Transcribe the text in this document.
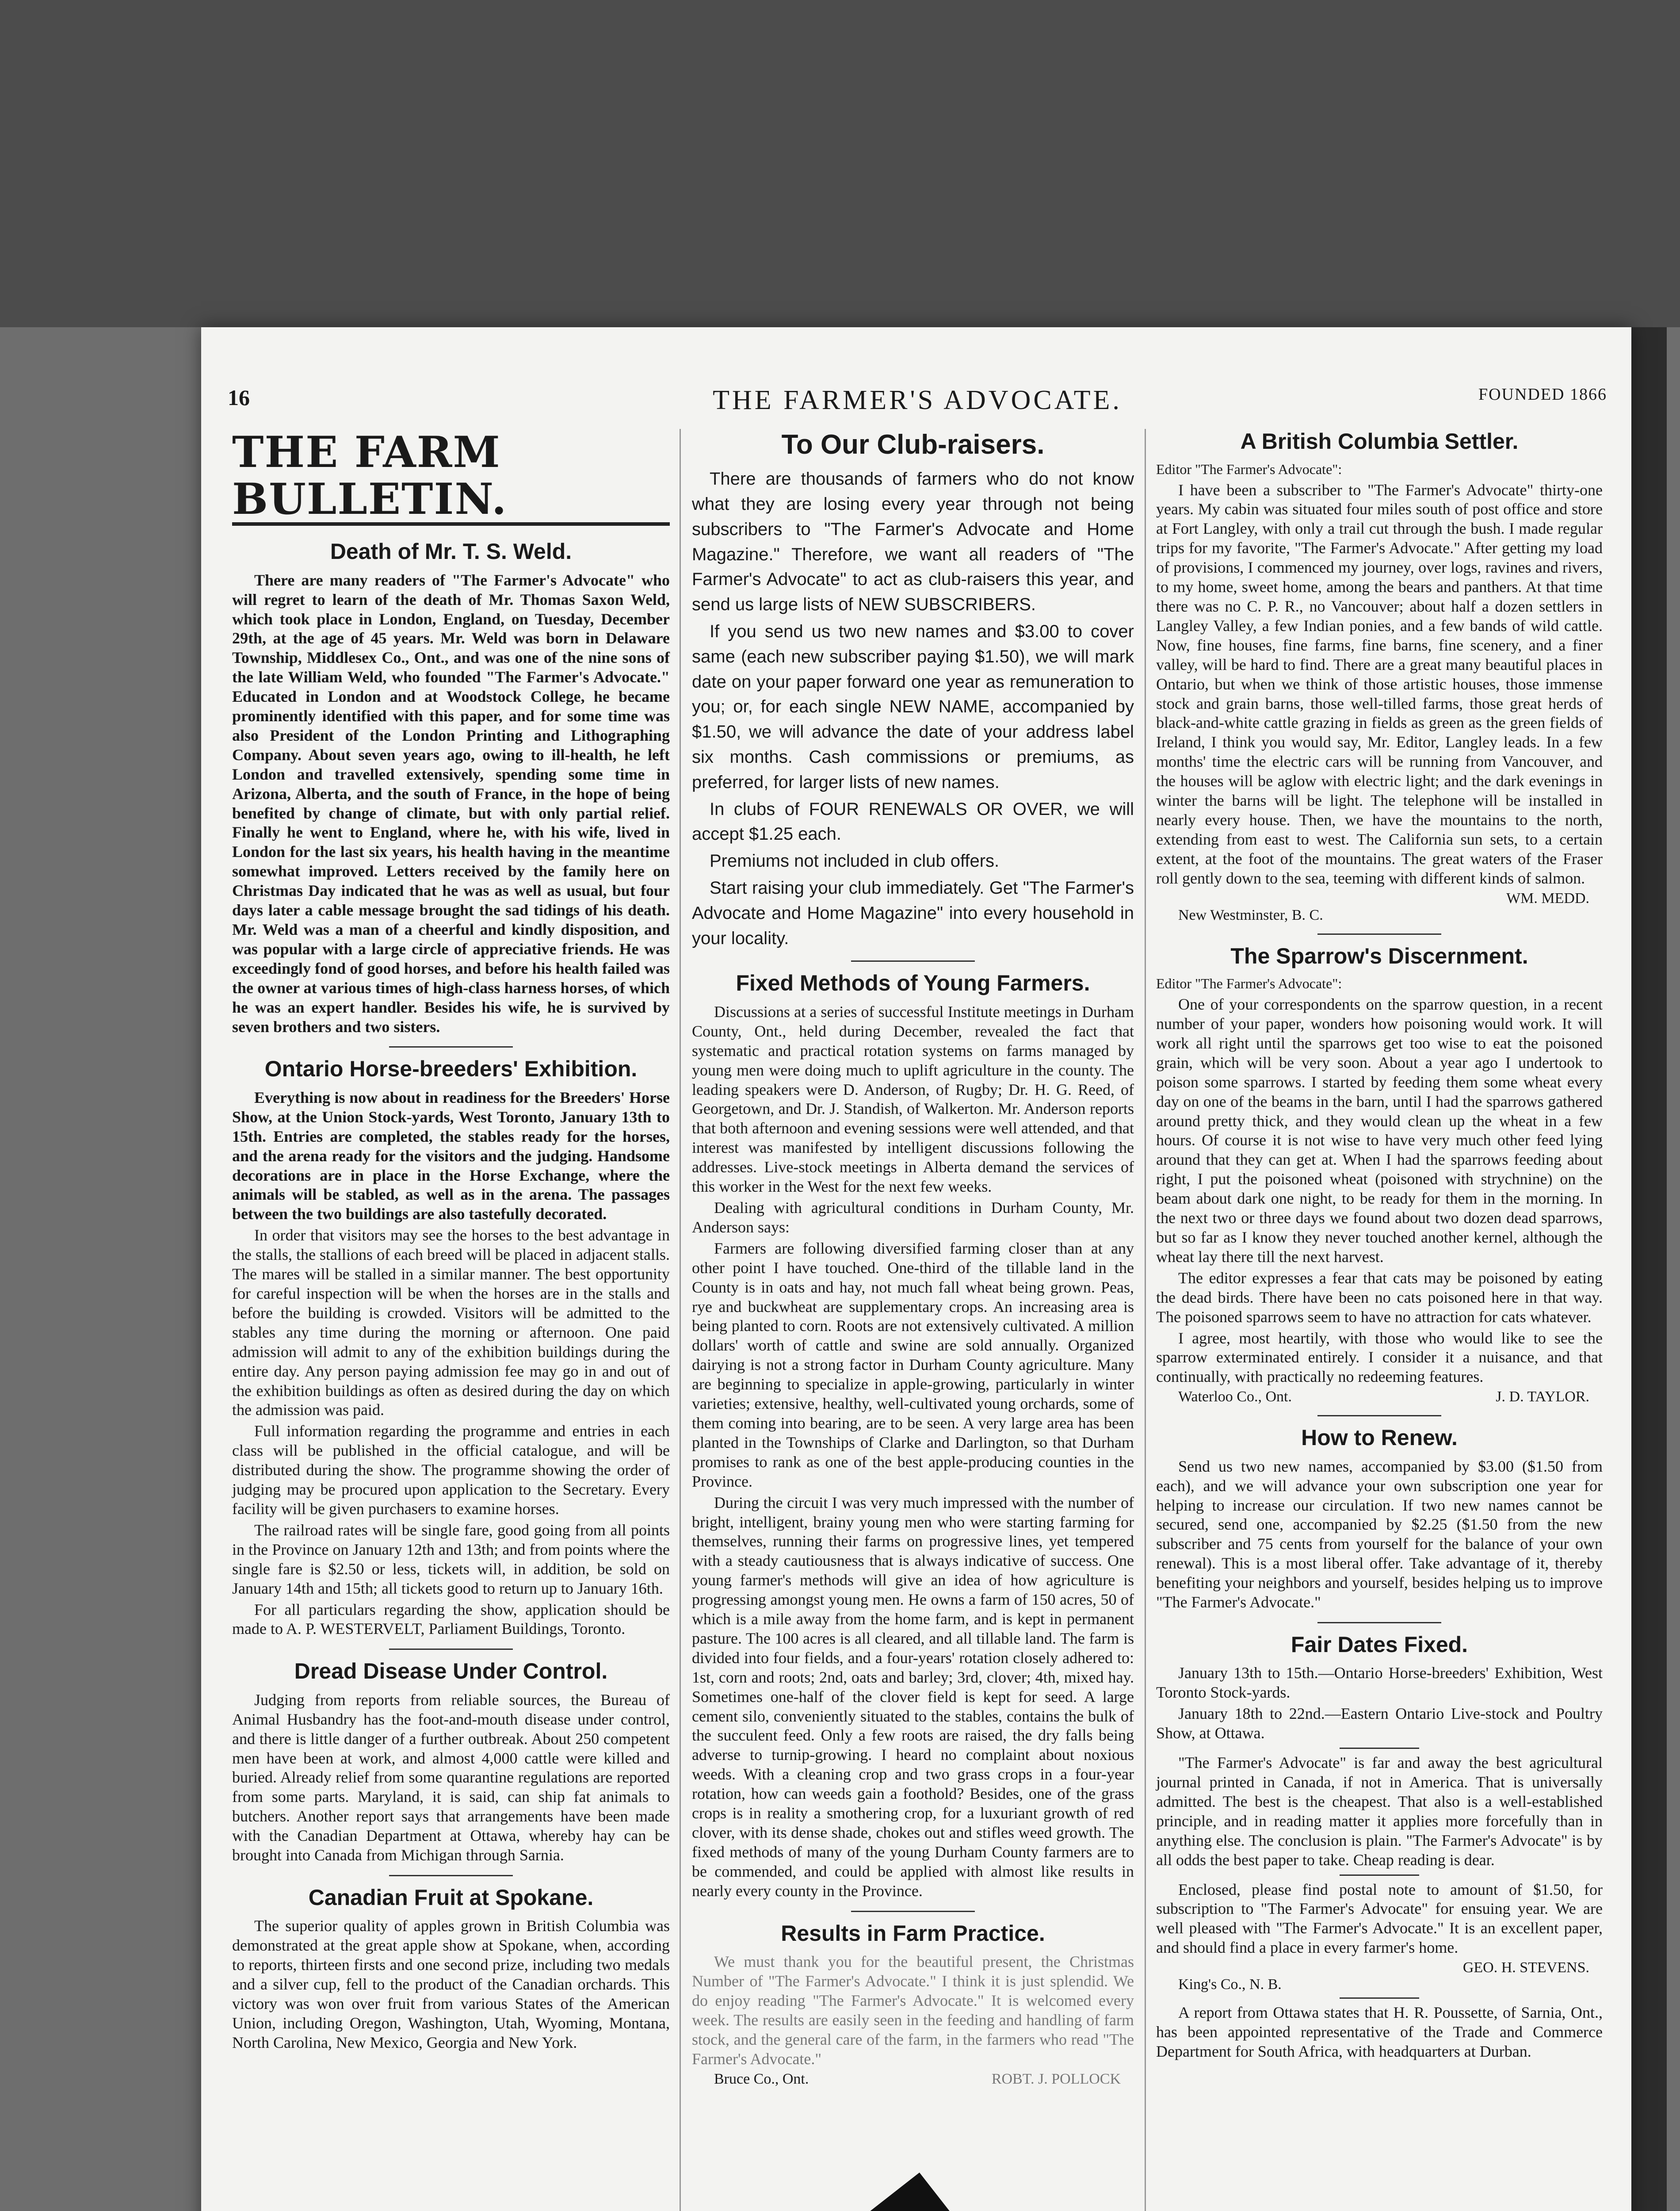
16	THE FARMER'S ADVOCATE.	FOUNDED 1866
THE FARM BULLETIN.
Death of Mr. T. S. Weld.

There are many readers of "The Farmer's Advocate" who will regret to learn of the death of Mr. Thomas Saxon Weld, which took place in London, England, on Tuesday, December 29th, at the age of 45 years. Mr. Weld was born in Delaware Township, Middlesex Co., Ont., and was one of the nine sons of the late William Weld, who founded "The Farmer's Advocate." Educated in London and at Woodstock College, he became prominently identified with this paper, and for some time was also President of the London Printing and Lithographing Company. About seven years ago, owing to ill-health, he left London and travelled extensively, spending some time in Arizona, Alberta, and the south of France, in the hope of being benefited by change of climate, but with only partial relief. Finally he went to England, where he, with his wife, lived in London for the last six years, his health having in the meantime somewhat improved. Letters received by the family here on Christmas Day indicated that he was as well as usual, but four days later a cable message brought the sad tidings of his death. Mr. Weld was a man of a cheerful and kindly disposition, and was popular with a large circle of appreciative friends. He was exceedingly fond of good horses, and before his health failed was the owner at various times of high-class harness horses, of which he was an expert handler. Besides his wife, he is survived by seven brothers and two sisters.

Ontario Horse-breeders' Exhibition.

Everything is now about in readiness for the Breeders' Horse Show, at the Union Stock-yards, West Toronto, January 13th to 15th. Entries are completed, the stables ready for the horses, and the arena ready for the visitors and the judging. Handsome decorations are in place in the Horse Exchange, where the animals will be stabled, as well as in the arena. The passages between the two buildings are also tastefully decorated.

In order that visitors may see the horses to the best advantage in the stalls, the stallions of each breed will be placed in adjacent stalls. The mares will be stalled in a similar manner. The best opportunity for careful inspection will be when the horses are in the stalls and before the building is crowded. Visitors will be admitted to the stables any time during the morning or afternoon. One paid admission will admit to any of the exhibition buildings during the entire day. Any person paying admission fee may go in and out of the exhibition buildings as often as desired during the day on which the admission was paid.

Full information regarding the programme and entries in each class will be published in the official catalogue, and will be distributed during the show. The programme showing the order of judging may be procured upon application to the Secretary. Every facility will be given purchasers to examine horses.

The railroad rates will be single fare, good going from all points in the Province on January 12th and 13th; and from points where the single fare is $2.50 or less, tickets will, in addition, be sold on January 14th and 15th; all tickets good to return up to January 16th.

For all particulars regarding the show, application should be made to A. P. WESTERVELT, Parliament Buildings, Toronto.

Dread Disease Under Control.

Judging from reports from reliable sources, the Bureau of Animal Husbandry has the foot-and-mouth disease under control, and there is little danger of a further outbreak. About 250 competent men have been at work, and almost 4,000 cattle were killed and buried. Already relief from some quarantine regulations are reported from some parts. Maryland, it is said, can ship fat animals to butchers. Another report says that arrangements have been made with the Canadian Department at Ottawa, whereby hay can be brought into Canada from Michigan through Sarnia.

Canadian Fruit at Spokane.

The superior quality of apples grown in British Columbia was demonstrated at the great apple show at Spokane, when, according to reports, thirteen firsts and one second prize, including two medals and a silver cup, fell to the product of the Canadian orchards. This victory was won over fruit from various States of the American Union, including Oregon, Washington, Utah, Wyoming, Montana, North Carolina, New Mexico, Georgia and New York.

To Our Club-raisers.

There are thousands of farmers who do not know what they are losing every year through not being subscribers to "The Farmer's Advocate and Home Magazine." Therefore, we want all readers of "The Farmer's Advocate" to act as club-raisers this year, and send us large lists of NEW SUBSCRIBERS.

If you send us two new names and $3.00 to cover same (each new subscriber paying $1.50), we will mark date on your paper forward one year as remuneration to you; or, for each single NEW NAME, accompanied by $1.50, we will advance the date of your address label six months. Cash commissions or premiums, as preferred, for larger lists of new names.

In clubs of FOUR RENEWALS OR OVER, we will accept $1.25 each.

Premiums not included in club offers.

Start raising your club immediately. Get "The Farmer's Advocate and Home Magazine" into every household in your locality.

Fixed Methods of Young Farmers.

Discussions at a series of successful Institute meetings in Durham County, Ont., held during December, revealed the fact that systematic and practical rotation systems on farms managed by young men were doing much to uplift agriculture in the county. The leading speakers were D. Anderson, of Rugby; Dr. H. G. Reed, of Georgetown, and Dr. J. Standish, of Walkerton. Mr. Anderson reports that both afternoon and evening sessions were well attended, and that interest was manifested by intelligent discussions following the addresses. Live-stock meetings in Alberta demand the services of this worker in the West for the next few weeks.

Dealing with agricultural conditions in Durham County, Mr. Anderson says:

Farmers are following diversified farming closer than at any other point I have touched. One-third of the tillable land in the County is in oats and hay, not much fall wheat being grown. Peas, rye and buckwheat are supplementary crops. An increasing area is being planted to corn. Roots are not extensively cultivated. A million dollars' worth of cattle and swine are sold annually. Organized dairying is not a strong factor in Durham County agriculture. Many are beginning to specialize in apple-growing, particularly in winter varieties; extensive, healthy, well-cultivated young orchards, some of them coming into bearing, are to be seen. A very large area has been planted in the Townships of Clarke and Darlington, so that Durham promises to rank as one of the best apple-producing counties in the Province.

During the circuit I was very much impressed with the number of bright, intelligent, brainy young men who were starting farming for themselves, running their farms on progressive lines, yet tempered with a steady cautiousness that is always indicative of success. One young farmer's methods will give an idea of how agriculture is progressing amongst young men. He owns a farm of 150 acres, 50 of which is a mile away from the home farm, and is kept in permanent pasture. The 100 acres is all cleared, and all tillable land. The farm is divided into four fields, and a four-years' rotation closely adhered to: 1st, corn and roots; 2nd, oats and barley; 3rd, clover; 4th, mixed hay. Sometimes one-half of the clover field is kept for seed. A large cement silo, conveniently situated to the stables, contains the bulk of the succulent feed. Only a few roots are raised, the dry falls being adverse to turnip-growing. I heard no complaint about noxious weeds. With a cleaning crop and two grass crops in a four-year rotation, how can weeds gain a foothold? Besides, one of the grass crops is in reality a smothering crop, for a luxuriant growth of red clover, with its dense shade, chokes out and stifles weed growth. The fixed methods of many of the young Durham County farmers are to be commended, and could be applied with almost like results in nearly every county in the Province.

Results in Farm Practice.

We must thank you for the beautiful present, the Christmas Number of "The Farmer's Advocate." I think it is just splendid. We do enjoy reading "The Farmer's Advocate." It is welcomed every week. The results are easily seen in the feeding and handling of farm stock, and the general care of the farm, in the farmers who read "The Farmer's Advocate."

Bruce Co., Ont.	ROBT. J. POLLOCK
A British Columbia Settler.

Editor "The Farmer's Advocate":

I have been a subscriber to "The Farmer's Advocate" thirty-one years. My cabin was situated four miles south of post office and store at Fort Langley, with only a trail cut through the bush. I made regular trips for my favorite, "The Farmer's Advocate." After getting my load of provisions, I commenced my journey, over logs, ravines and rivers, to my home, sweet home, among the bears and panthers. At that time there was no C. P. R., no Vancouver; about half a dozen settlers in Langley Valley, a few Indian ponies, and a few bands of wild cattle. Now, fine houses, fine farms, fine barns, fine scenery, and a finer valley, will be hard to find. There are a great many beautiful places in Ontario, but when we think of those artistic houses, those immense stock and grain barns, those well-tilled farms, those great herds of black-and-white cattle grazing in fields as green as the green fields of Ireland, I think you would say, Mr. Editor, Langley leads. In a few months' time the electric cars will be running from Vancouver, and the houses will be aglow with electric light; and the dark evenings in winter the barns will be light. The telephone will be installed in nearly every house. Then, we have the mountains to the north, extending from east to west. The California sun sets, to a certain extent, at the foot of the mountains. The great waters of the Fraser roll gently down to the sea, teeming with different kinds of salmon.

WM. MEDD.
New Westminster, B. C.
The Sparrow's Discernment.

Editor "The Farmer's Advocate":

One of your correspondents on the sparrow question, in a recent number of your paper, wonders how poisoning would work. It will work all right until the sparrows get too wise to eat the poisoned grain, which will be very soon. About a year ago I undertook to poison some sparrows. I started by feeding them some wheat every day on one of the beams in the barn, until I had the sparrows gathered around pretty thick, and they would clean up the wheat in a few hours. Of course it is not wise to have very much other feed lying around that they can get at. When I had the sparrows feeding about right, I put the poisoned wheat (poisoned with strychnine) on the beam about dark one night, to be ready for them in the morning. In the next two or three days we found about two dozen dead sparrows, but so far as I know they never touched another kernel, although the wheat lay there till the next harvest.

The editor expresses a fear that cats may be poisoned by eating the dead birds. There have been no cats poisoned here in that way. The poisoned sparrows seem to have no attraction for cats whatever.

I agree, most heartily, with those who would like to see the sparrow exterminated entirely. I consider it a nuisance, and that continually, with practically no redeeming features.

Waterloo Co., Ont.	J. D. TAYLOR.
How to Renew.

Send us two new names, accompanied by $3.00 ($1.50 from each), and we will advance your own subscription one year for helping to increase our circulation. If two new names cannot be secured, send one, accompanied by $2.25 ($1.50 from the new subscriber and 75 cents from yourself for the balance of your own renewal). This is a most liberal offer. Take advantage of it, thereby benefiting your neighbors and yourself, besides helping us to improve "The Farmer's Advocate."

Fair Dates Fixed.

January 13th to 15th.—Ontario Horse-breeders' Exhibition, West Toronto Stock-yards.

January 18th to 22nd.—Eastern Ontario Live-stock and Poultry Show, at Ottawa.

"The Farmer's Advocate" is far and away the best agricultural journal printed in Canada, if not in America. That is universally admitted. The best is the cheapest. That also is a well-established principle, and in reading matter it applies more forcefully than in anything else. The conclusion is plain. "The Farmer's Advocate" is by all odds the best paper to take. Cheap reading is dear.

Enclosed, please find postal note to amount of $1.50, for subscription to "The Farmer's Advocate" for ensuing year. We are well pleased with "The Farmer's Advocate." It is an excellent paper, and should find a place in every farmer's home.

GEO. H. STEVENS.
King's Co., N. B.

A report from Ottawa states that H. R. Poussette, of Sarnia, Ont., has been appointed representative of the Trade and Commerce Department for South Africa, with headquarters at Durban.
